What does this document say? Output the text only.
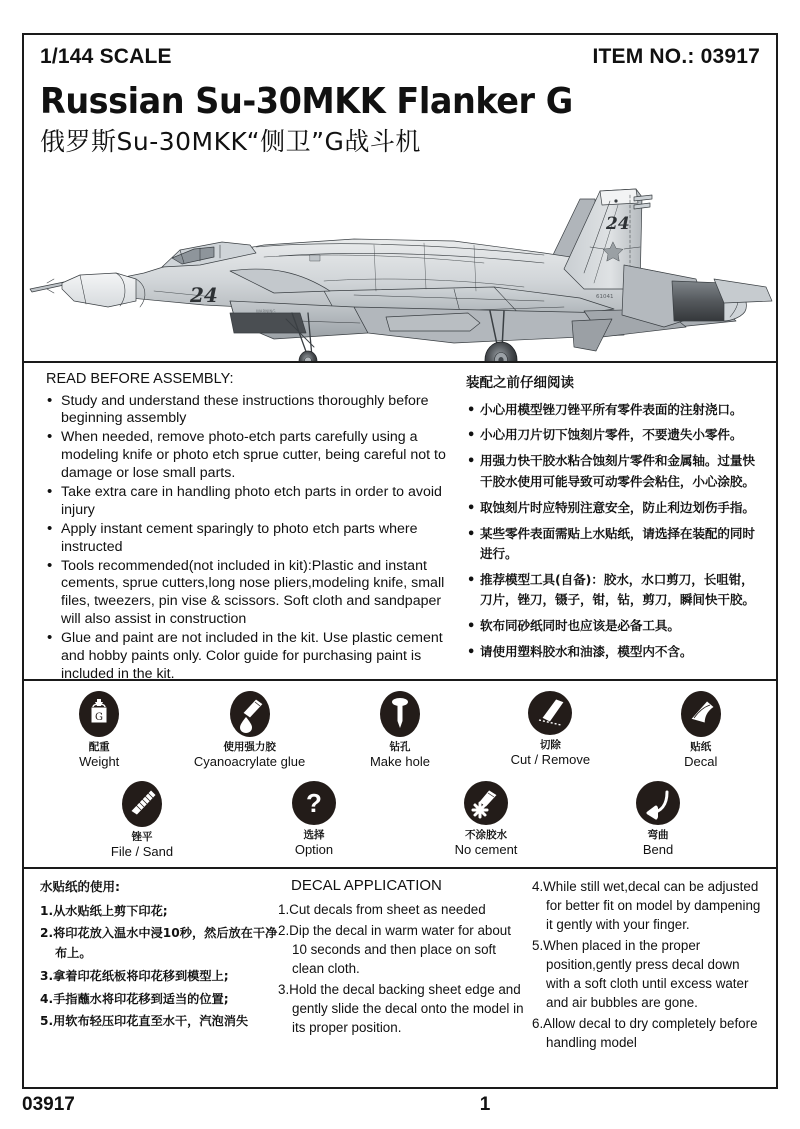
1/144 SCALE	ITEM NO.: 03917
Russian Su-30MKK Flanker G
俄罗斯Su-30MKK“侧卫”G战斗机
24
24
61041
WARNING
READ BEFORE ASSEMBLY:
• Study and understand these instructions thoroughly before beginning assembly
• When needed, remove photo-etch parts carefully using a modeling knife or photo etch sprue cutter, being careful not to damage or lose small parts.
• Take extra care in handling photo etch parts in order to avoid injury
• Apply instant cement sparingly to photo etch parts where instructed
• Tools recommended(not included in kit):Plastic and instant cements, sprue cutters,long nose pliers,modeling knife, small files, tweezers, pin vise & scissors. Soft cloth and sandpaper will also assist in construction
• Glue and paint are not included in the kit. Use plastic cement and hobby paints only. Color guide for purchasing paint is included in the kit.
装配之前仔细阅读
• 小心用模型锉刀锉平所有零件表面的注射浇口。
• 小心用刀片切下蚀刻片零件，不要遗失小零件。
• 用强力快干胶水粘合蚀刻片零件和金属轴。过量快干胶水使用可能导致可动零件会粘住，小心涂胶。
• 取蚀刻片时应特别注意安全，防止利边划伤手指。
• 某些零件表面需贴上水贴纸，请选择在装配的同时进行。
• 推荐模型工具(自备)：胶水，水口剪刀，长咀钳，刀片，锉刀，镊子，钳，钻，剪刀，瞬间快干胶。
• 软布同砂纸同时也应该是必备工具。
• 请使用塑料胶水和油漆，模型内不含。
G
配重
Weight
使用强力胶
Cyanoacrylate glue
钻孔
Make hole
切除
Cut / Remove
贴纸
Decal
锉平
File / Sand
?
选择
Option
不涂胶水
No cement
弯曲
Bend
水贴纸的使用:
1.从水贴纸上剪下印花;
2.将印花放入温水中浸10秒，然后放在干净布上。
3.拿着印花纸板将印花移到模型上;
4.手指蘸水将印花移到适当的位置;
5.用软布轻压印花直至水干，汽泡消失
DECAL APPLICATION
1.Cut decals from sheet as needed
2.Dip the decal in warm water for about 10 seconds and then place on soft clean cloth.
3.Hold the decal backing sheet edge and gently slide the decal onto the model in its proper position.
4.While still wet,decal can be adjusted for better fit on model by dampening it gently with your finger.
5.When placed in the proper position,gently press decal down with a soft cloth until excess water and air bubbles are gone.
6.Allow decal to dry completely before handling model
03917	1
